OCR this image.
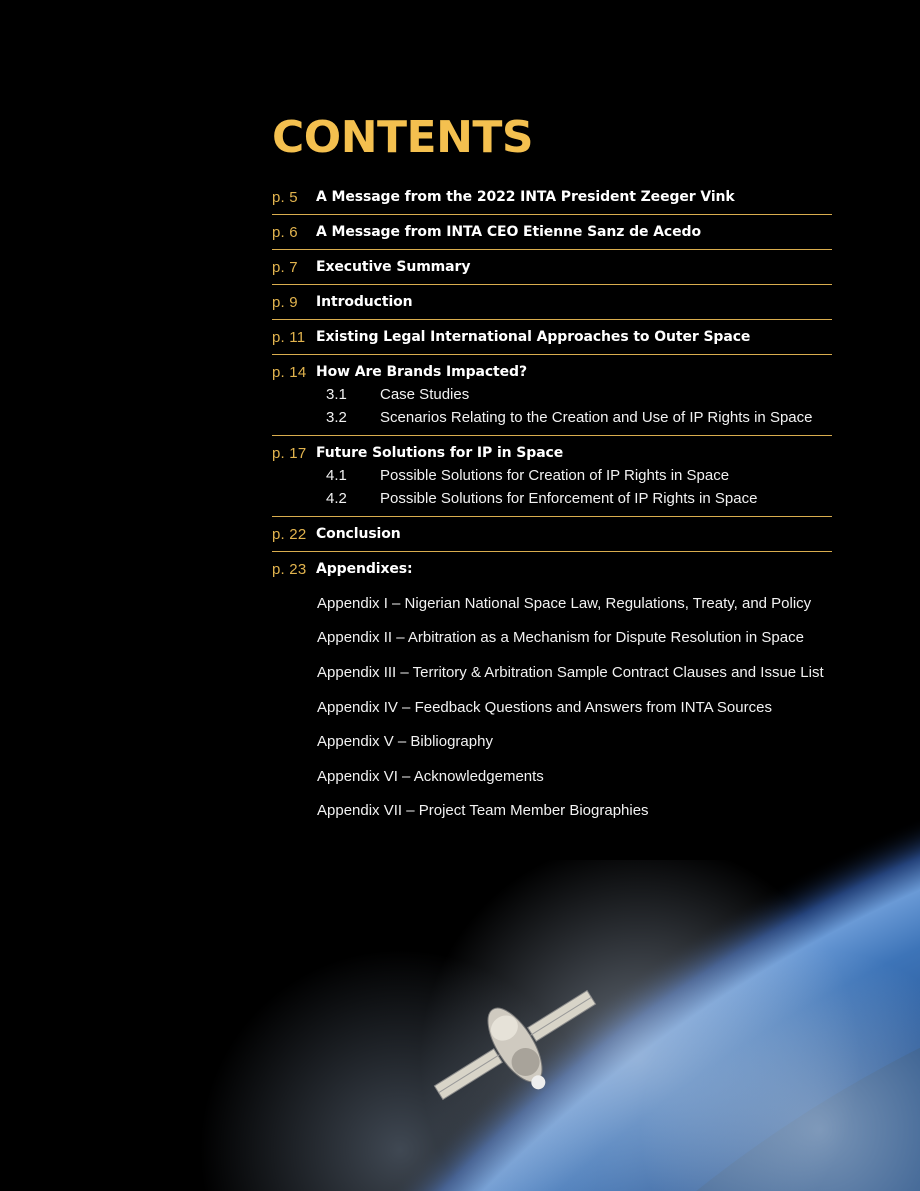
CONTENTS
p. 5	A Message from the 2022 INTA President Zeeger Vink
p. 6	A Message from INTA CEO Etienne Sanz de Acedo
p. 7	Executive Summary
p. 9	Introduction
p. 11 Existing Legal International Approaches to Outer Space
p. 14 How Are Brands Impacted?
3.1	Case Studies
3.2	Scenarios Relating to the Creation and Use of IP Rights in Space
p. 17 Future Solutions for IP in Space
4.1	Possible Solutions for Creation of IP Rights in Space
4.2	Possible Solutions for Enforcement of IP Rights in Space
p. 22 Conclusion
p. 23 Appendixes:
Appendix I – Nigerian National Space Law, Regulations, Treaty, and Policy
Appendix II – Arbitration as a Mechanism for Dispute Resolution in Space
Appendix III – Territory & Arbitration Sample Contract Clauses and Issue List
Appendix IV – Feedback Questions and Answers from INTA Sources
Appendix V – Bibliography
Appendix VI – Acknowledgements
Appendix VII – Project Team Member Biographies
